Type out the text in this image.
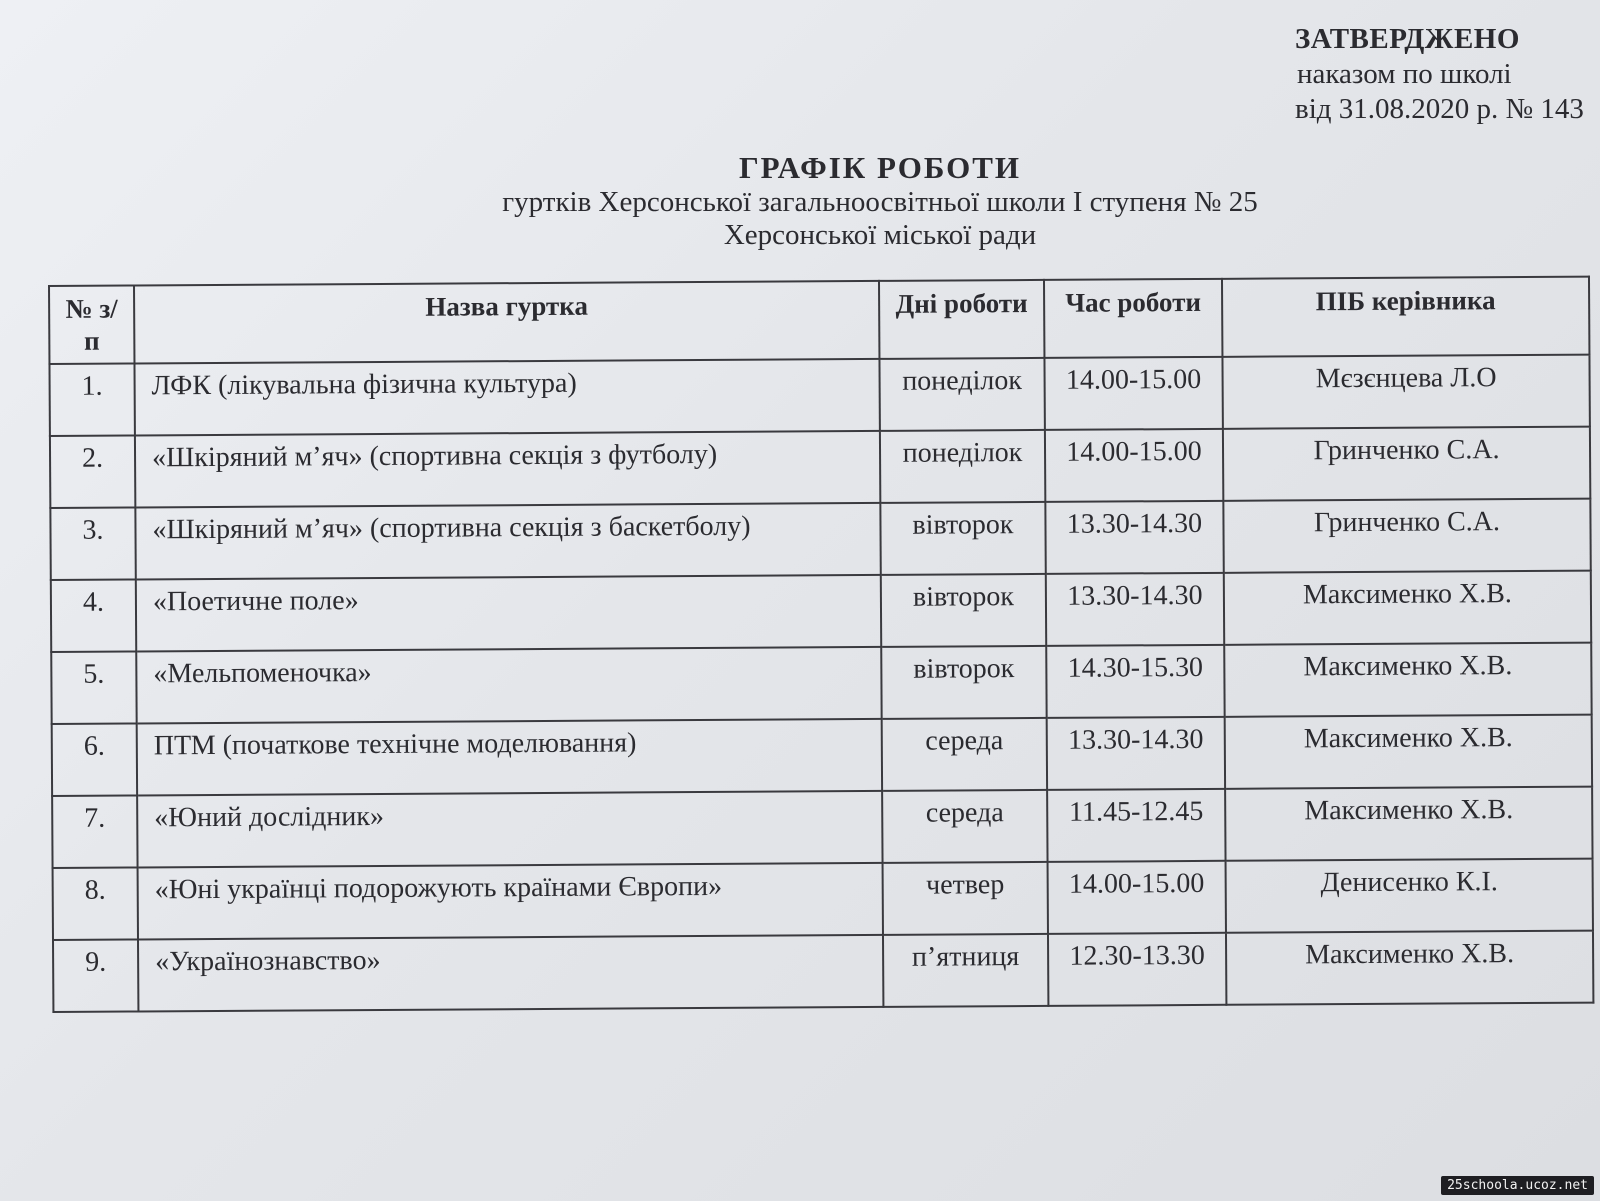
ЗАТВЕРДЖЕНО
наказом по школі
від 31.08.2020 р. № 143
ГРАФІК РОБОТИ
гуртків Херсонської загальноосвітньої школи І ступеня № 25
Херсонської міської ради
№ з/п	Назва гуртка	Дні роботи	Час роботи	ПІБ керівника
1.	ЛФК (лікувальна фізична культура)	понеділок	14.00-15.00	Мєзєнцева Л.О
2.	«Шкіряний м’яч» (спортивна секція з футболу)	понеділок	14.00-15.00	Гринченко С.А.
3.	«Шкіряний м’яч» (спортивна секція з баскетболу)	вівторок	13.30-14.30	Гринченко С.А.
4.	«Поетичне поле»	вівторок	13.30-14.30	Максименко Х.В.
5.	«Мельпоменочка»	вівторок	14.30-15.30	Максименко Х.В.
6.	ПТМ (початкове технічне моделювання)	середа	13.30-14.30	Максименко Х.В.
7.	«Юний дослідник»	середа	11.45-12.45	Максименко Х.В.
8.	«Юні українці подорожують країнами Європи»	четвер	14.00-15.00	Денисенко К.І.
9.	«Українознавство»	п’ятниця	12.30-13.30	Максименко Х.В.
25schoola.ucoz.net
